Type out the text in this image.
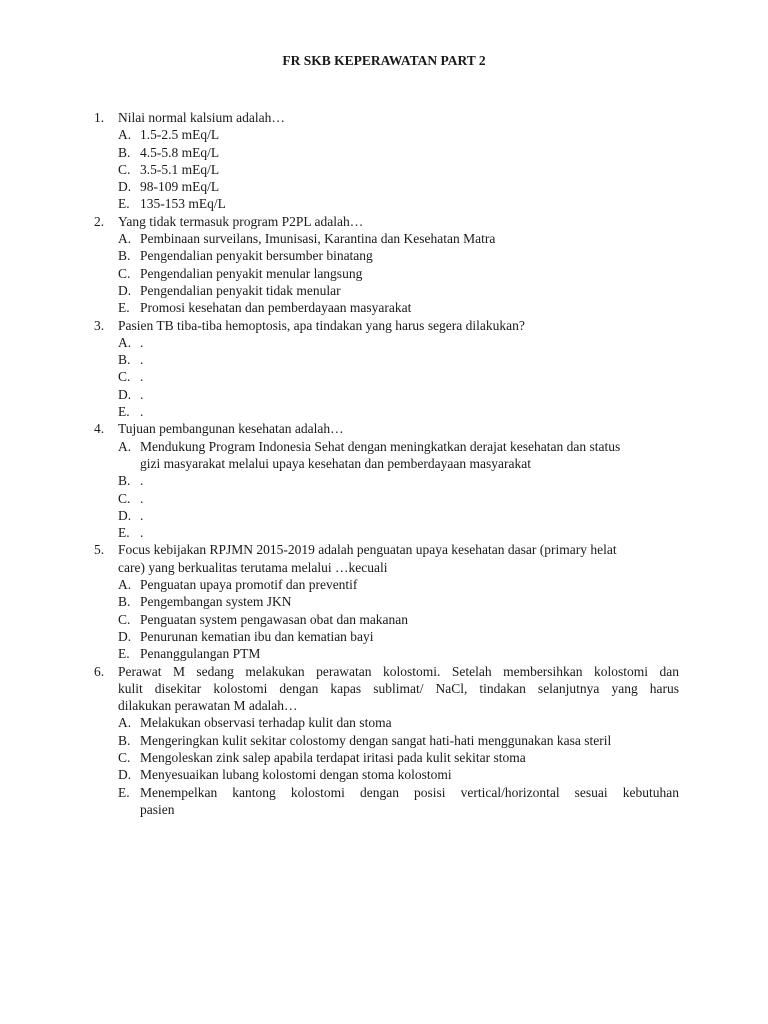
FR SKB KEPERAWATAN PART 2
1. Nilai normal kalsium adalah…
A. 1.5-2.5 mEq/L
B. 4.5-5.8 mEq/L
C. 3.5-5.1 mEq/L
D. 98-109 mEq/L
E. 135-153 mEq/L
2. Yang tidak termasuk program P2PL adalah…
A. Pembinaan surveilans, Imunisasi, Karantina dan Kesehatan Matra
B. Pengendalian penyakit bersumber binatang
C. Pengendalian penyakit menular langsung
D. Pengendalian penyakit tidak menular
E. Promosi kesehatan dan pemberdayaan masyarakat
3. Pasien TB tiba-tiba hemoptosis, apa tindakan yang harus segera dilakukan?
A. .
B. .
C. .
D. .
E. .
4. Tujuan pembangunan kesehatan adalah…
A. Mendukung Program Indonesia Sehat dengan meningkatkan derajat kesehatan dan status
gizi masyarakat melalui upaya kesehatan dan pemberdayaan masyarakat
B. .
C. .
D. .
E. .
5. Focus kebijakan RPJMN 2015-2019 adalah penguatan upaya kesehatan dasar (primary helat
care) yang berkualitas terutama melalui …kecuali
A. Penguatan upaya promotif dan preventif
B. Pengembangan system JKN
C. Penguatan system pengawasan obat dan makanan
D. Penurunan kematian ibu dan kematian bayi
E. Penanggulangan PTM
6. Perawat M sedang melakukan perawatan kolostomi. Setelah membersihkan kolostomi dan
kulit disekitar kolostomi dengan kapas sublimat/ NaCl, tindakan selanjutnya yang harus
dilakukan perawatan M adalah…
A. Melakukan observasi terhadap kulit dan stoma
B. Mengeringkan kulit sekitar colostomy dengan sangat hati-hati menggunakan kasa steril
C. Mengoleskan zink salep apabila terdapat iritasi pada kulit sekitar stoma
D. Menyesuaikan lubang kolostomi dengan stoma kolostomi
E. Menempelkan kantong kolostomi dengan posisi vertical/horizontal sesuai kebutuhan
pasien
